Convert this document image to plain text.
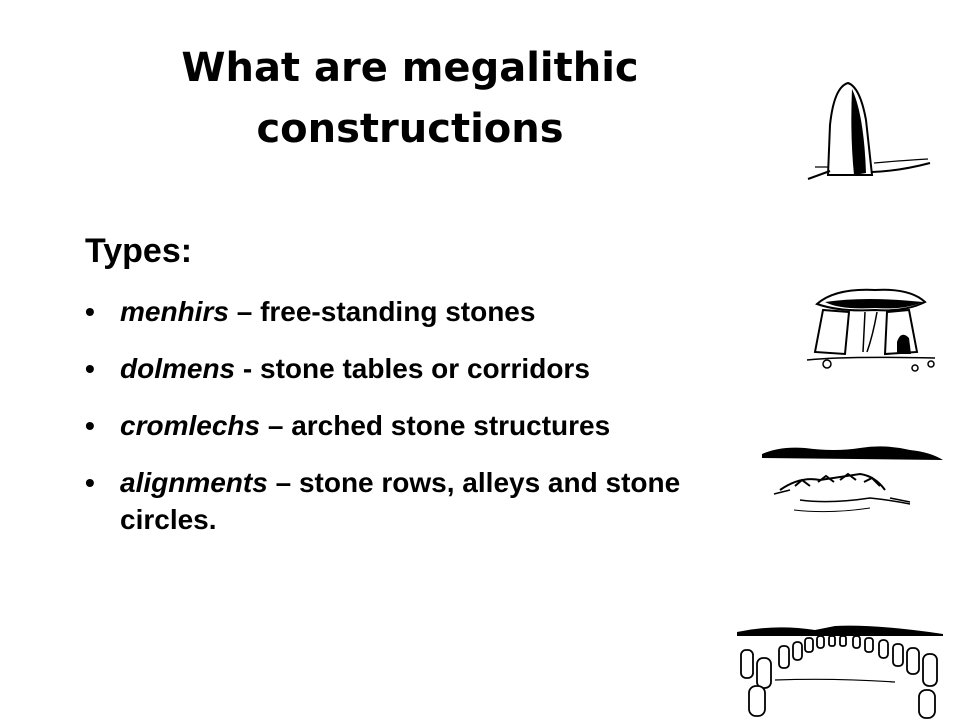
What are megalithic
constructions
Types:
• menhirs – free-standing stones
• dolmens - stone tables or corridors
• cromlechs – arched stone structures
• alignments – stone rows, alleys and stone circles.
